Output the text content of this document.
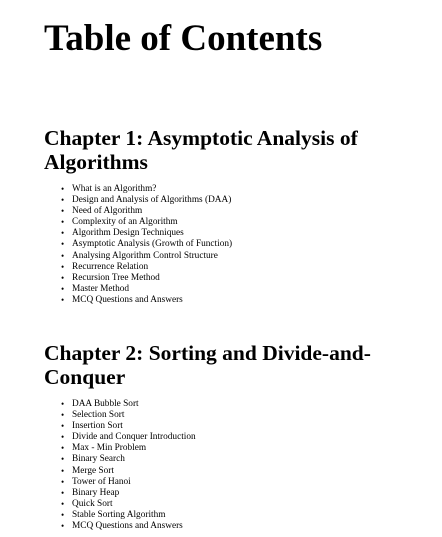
Table of Contents
Chapter 1: Asymptotic Analysis of Algorithms
• What is an Algorithm?
• Design and Analysis of Algorithms (DAA)
• Need of Algorithm
• Complexity of an Algorithm
• Algorithm Design Techniques
• Asymptotic Analysis (Growth of Function)
• Analysing Algorithm Control Structure
• Recurrence Relation
• Recursion Tree Method
• Master Method
• MCQ Questions and Answers
Chapter 2: Sorting and Divide-and-Conquer
• DAA Bubble Sort
• Selection Sort
• Insertion Sort
• Divide and Conquer Introduction
• Max - Min Problem
• Binary Search
• Merge Sort
• Tower of Hanoi
• Binary Heap
• Quick Sort
• Stable Sorting Algorithm
• MCQ Questions and Answers
